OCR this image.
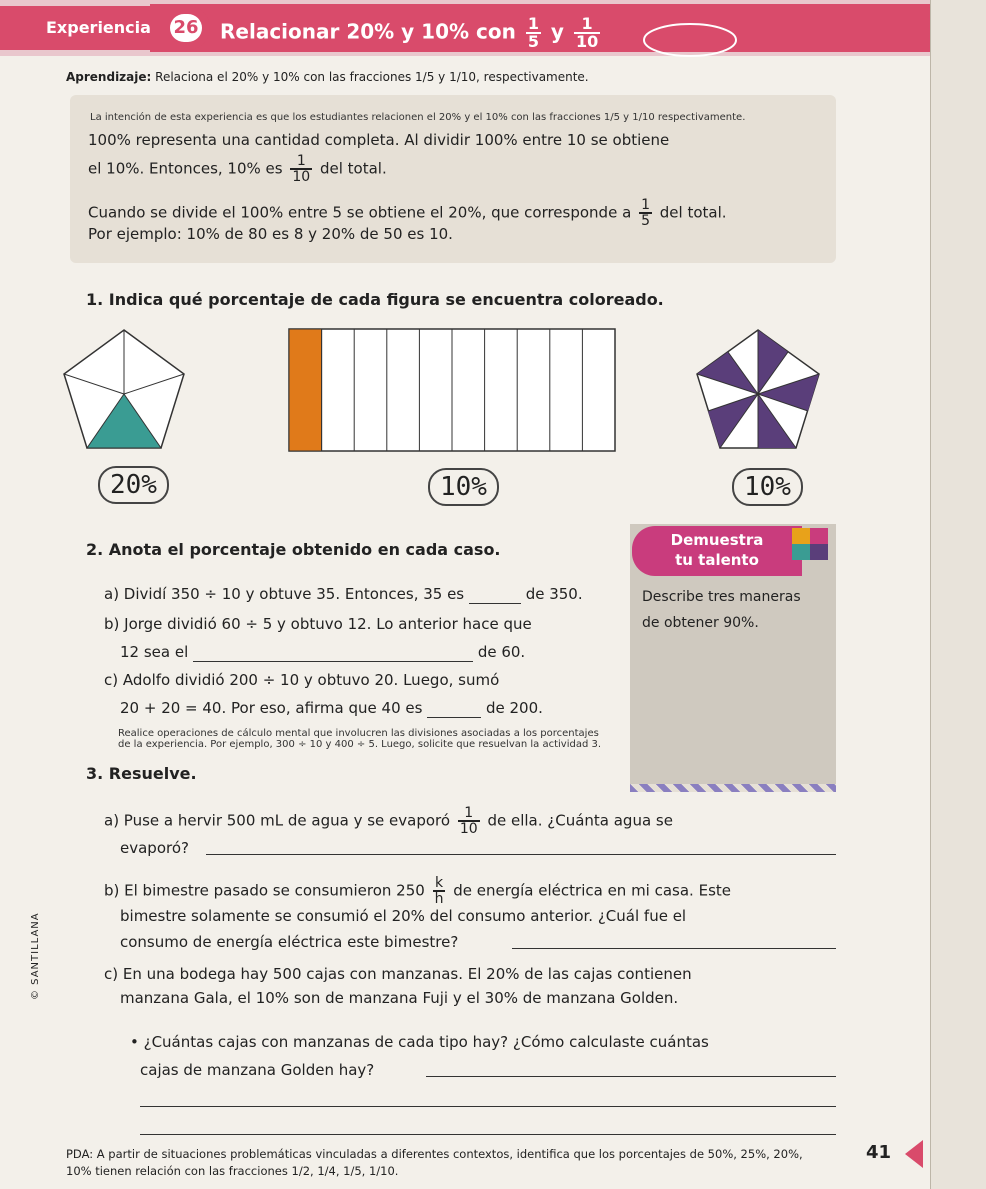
Experiencia 26 Relacionar 20% y 10% con $\frac{1}{5}$ y $\frac{1}{10}$
Aprendizaje: Relaciona el 20% y 10% con las fracciones 1/5 y 1/10, respectivamente.
La intención de esta experiencia es que los estudiantes relacionen el 20% y el 10% con las fracciones 1/5 y 1/10 respectivamente.
100% representa una cantidad completa. Al dividir 100% entre 10 se obtiene
el 10%. Entonces, 10% es $\frac{1}{10}$ del total.
Cuando se divide el 100% entre 5 se obtiene el 20%, que corresponde a $\frac{1}{5}$ del total.
Por ejemplo: 10% de 80 es 8 y 20% de 50 es 10.
1. Indica qué porcentaje de cada figura se encuentra coloreado.
20%	10%	10%
2. Anota el porcentaje obtenido en cada caso.
a) Dividí 350 ÷ 10 y obtuve 35. Entonces, 35 es	de 350.
b) Jorge dividió 60 ÷ 5 y obtuvo 12. Lo anterior hace que
12 sea el	de 60.
c) Adolfo dividió 200 ÷ 10 y obtuvo 20. Luego, sumó
20 + 20 = 40. Por eso, afirma que 40 es	de 200.
Realice operaciones de cálculo mental que involucren las divisiones asociadas a los porcentajes
de la experiencia. Por ejemplo, 300 ÷ 10 y 400 ÷ 5. Luego, solicite que resuelvan la actividad 3.
Demuestra
tu talento
Describe tres maneras
de obtener 90%.
3. Resuelve.
a) Puse a hervir 500 mL de agua y se evaporó $\frac{1}{10}$ de ella. ¿Cuánta agua se
evaporó?
b) El bimestre pasado se consumieron $250 \frac{k}{h}$ de energía eléctrica en mi casa. Este
bimestre solamente se consumió el 20% del consumo anterior. ¿Cuál fue el
consumo de energía eléctrica este bimestre?
c) En una bodega hay 500 cajas con manzanas. El 20% de las cajas contienen
manzana Gala, el 10% son de manzana Fuji y el 30% de manzana Golden.
• ¿Cuántas cajas con manzanas de cada tipo hay? ¿Cómo calculaste cuántas
cajas de manzana Golden hay?
© SANTILLANA
PDA: A partir de situaciones problemáticas vinculadas a diferentes contextos, identifica que los porcentajes de 50%, 25%, 20%,
10% tienen relación con las fracciones 1/2, 1/4, 1/5, 1/10.
41
